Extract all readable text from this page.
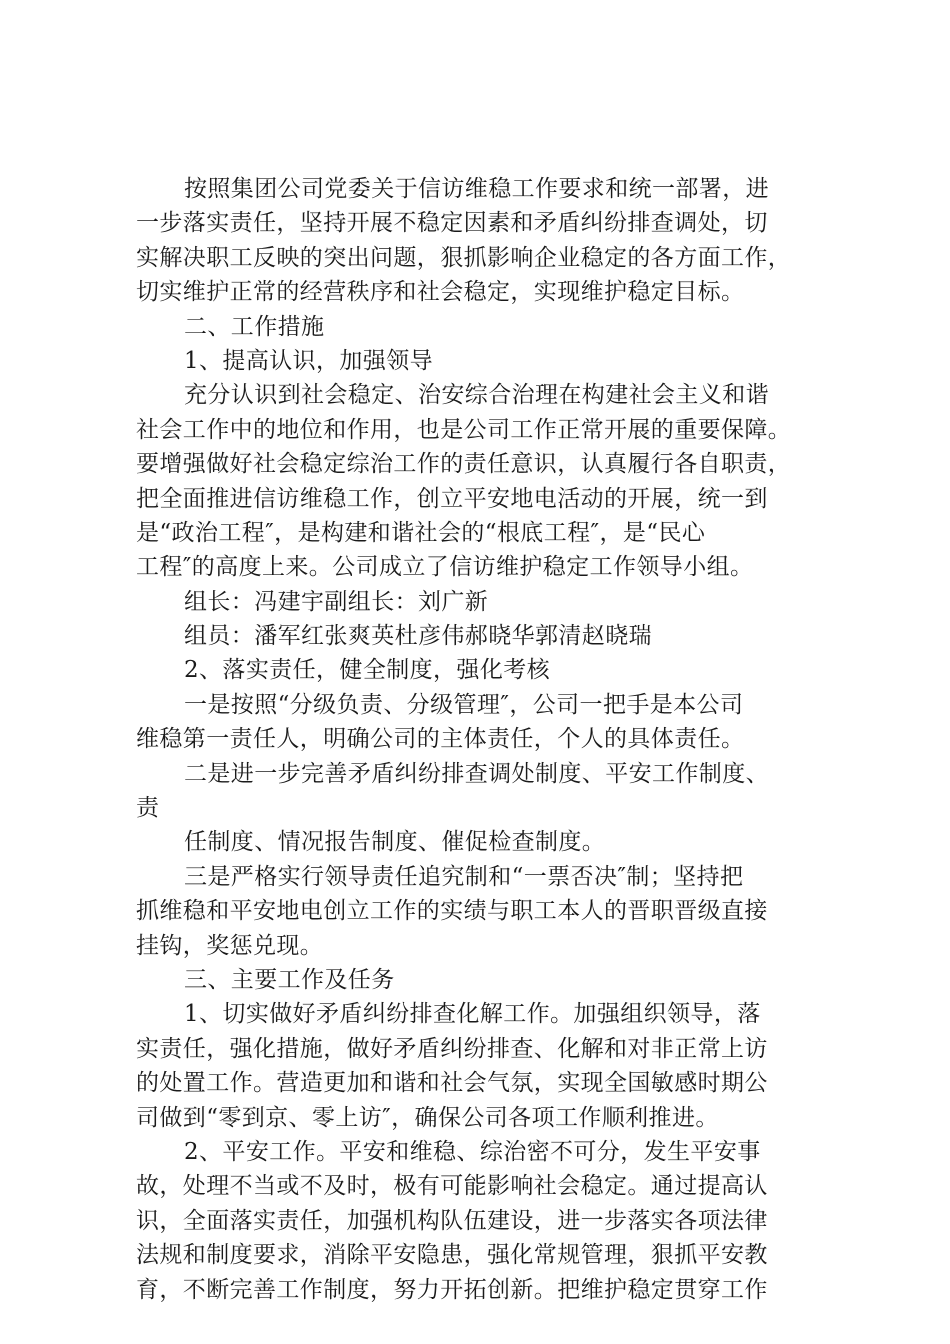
按照集团公司党委关于信访维稳工作要求和统一部署，进
一步落实责任，坚持开展不稳定因素和矛盾纠纷排查调处，切
实解决职工反映的突出问题，狠抓影响企业稳定的各方面工作，
切实维护正常的经营秩序和社会稳定，实现维护稳定目标。
二、工作措施
1、提高认识，加强领导
充分认识到社会稳定、治安综合治理在构建社会主义和谐
社会工作中的地位和作用，也是公司工作正常开展的重要保障。
要增强做好社会稳定综治工作的责任意识，认真履行各自职责，
把全面推进信访维稳工作，创立平安地电活动的开展，统一到
是“政治工程″，是构建和谐社会的“根底工程″，是“民心
工程″的高度上来。公司成立了信访维护稳定工作领导小组。
组长：冯建宇副组长：刘广新
组员：潘军红张爽英杜彦伟郝晓华郭清赵晓瑞
2、落实责任，健全制度，强化考核
一是按照“分级负责、分级管理″，公司一把手是本公司
维稳第一责任人，明确公司的主体责任，个人的具体责任。
二是进一步完善矛盾纠纷排查调处制度、平安工作制度、
责
任制度、情况报告制度、催促检查制度。
三是严格实行领导责任追究制和“一票否决″制；坚持把
抓维稳和平安地电创立工作的实绩与职工本人的晋职晋级直接
挂钩，奖惩兑现。
三、主要工作及任务
1、切实做好矛盾纠纷排查化解工作。加强组织领导，落
实责任，强化措施，做好矛盾纠纷排查、化解和对非正常上访
的处置工作。营造更加和谐和社会气氛，实现全国敏感时期公
司做到“零到京、零上访″，确保公司各项工作顺利推进。
2、平安工作。平安和维稳、综治密不可分，发生平安事
故，处理不当或不及时，极有可能影响社会稳定。通过提高认
识，全面落实责任，加强机构队伍建设，进一步落实各项法律
法规和制度要求，消除平安隐患，强化常规管理，狠抓平安教
育，不断完善工作制度，努力开拓创新。把维护稳定贯穿工作
